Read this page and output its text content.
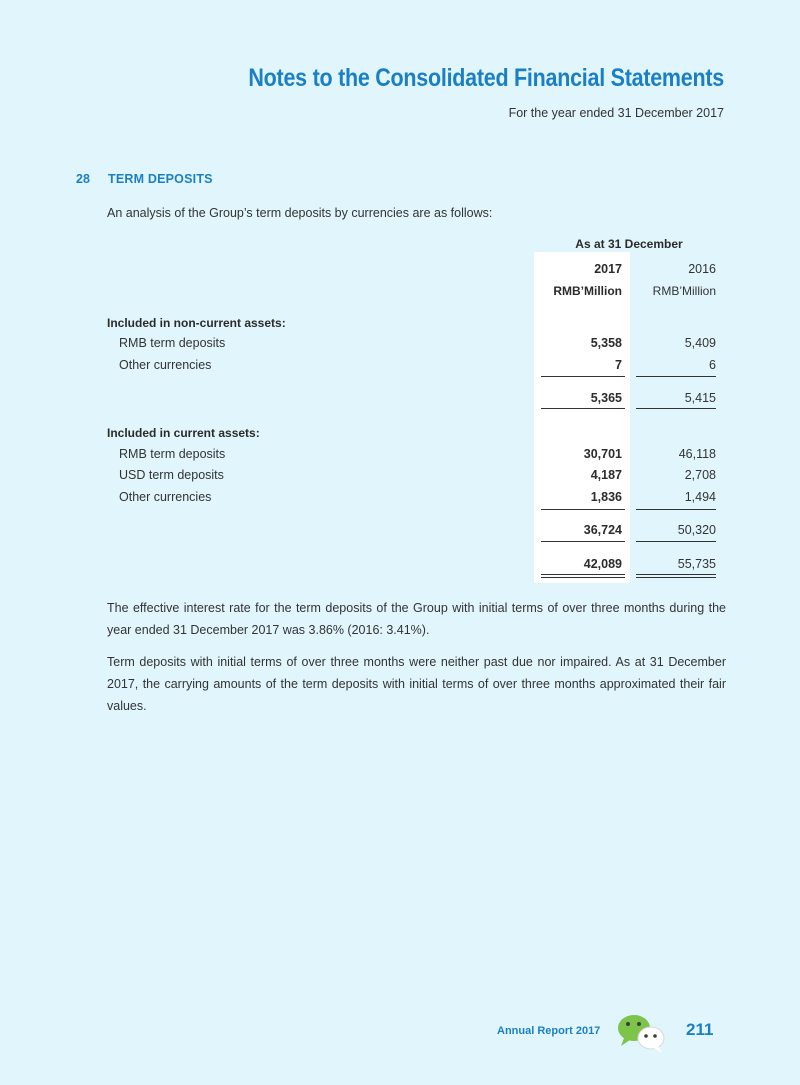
Notes to the Consolidated Financial Statements
For the year ended 31 December 2017
28 TERM DEPOSITS
An analysis of the Group’s term deposits by currencies are as follows:
As at 31 December
2017	2016
RMB’Million	RMB’Million
Included in non-current assets:
RMB term deposits	5,358	5,409
Other currencies	7	6
5,365	5,415
Included in current assets:
RMB term deposits	30,701	46,118
USD term deposits	4,187	2,708
Other currencies	1,836	1,494
36,724	50,320
42,089	55,735
The effective interest rate for the term deposits of the Group with initial terms of over three months during the year ended 31 December 2017 was 3.86% (2016: 3.41%).
Term deposits with initial terms of over three months were neither past due nor impaired. As at 31 December 2017, the carrying amounts of the term deposits with initial terms of over three months approximated their fair values.
Annual Report 2017	211
